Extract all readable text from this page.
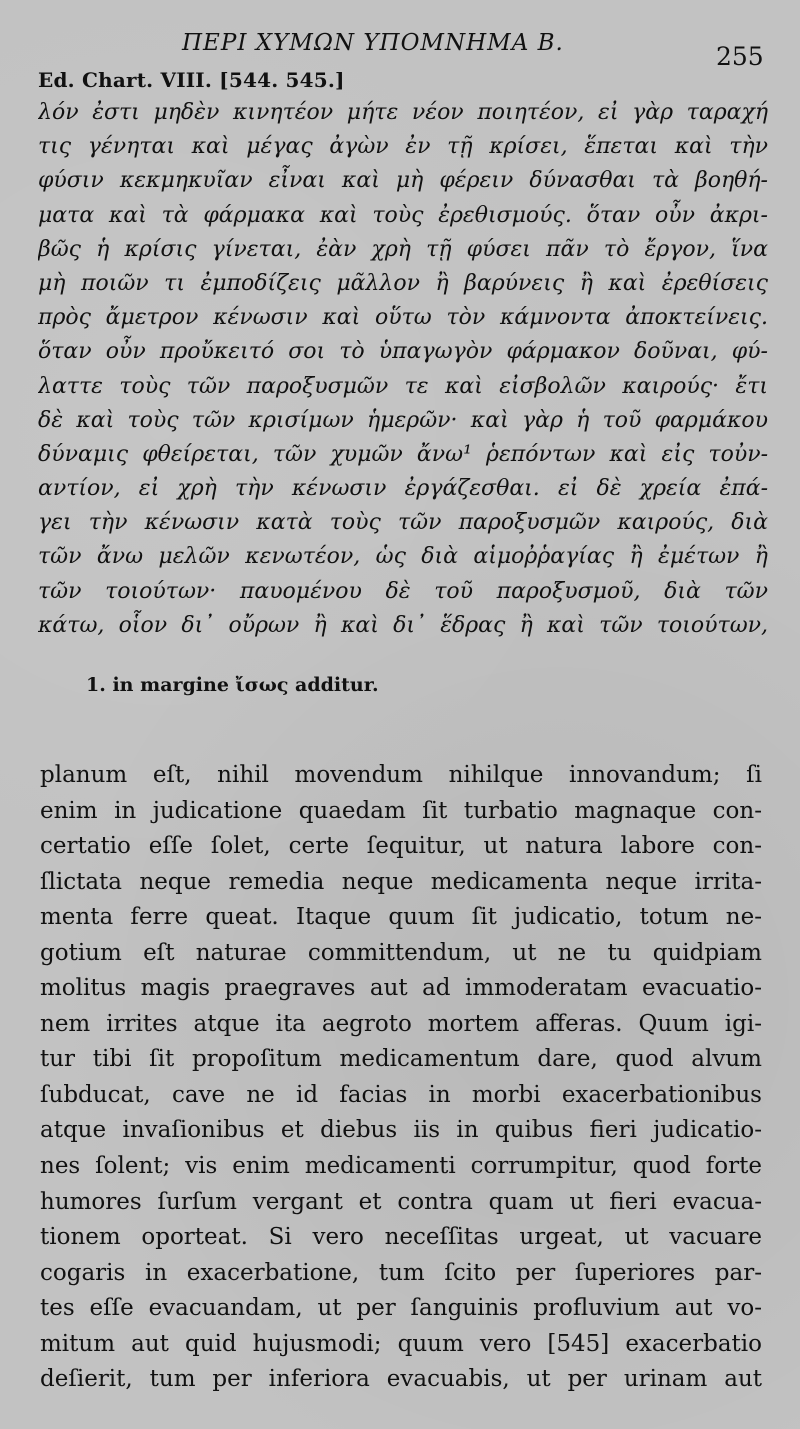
ΠΕΡΙ ΧΥΜΩΝ ΥΠΟΜΝΗΜΑ Β.	255
Ed. Chart. VIII. [544. 545.]
λόν ἐστι μηδὲν κινητέον μήτε νέον ποιητέον, εἰ γὰρ ταραχή
τις γένηται καὶ μέγας ἀγὼν ἐν τῇ κρίσει, ἕπεται καὶ τὴν
φύσιν κεκμηκυῖαν εἶναι καὶ μὴ φέρειν δύνασθαι τὰ βοηθή-
ματα καὶ τὰ φάρμακα καὶ τοὺς ἐρεθισμούς. ὅταν οὖν ἀκρι-
βῶς ἡ κρίσις γίνεται, ἐὰν χρὴ τῇ φύσει πᾶν τὸ ἔργον, ἵνα
μὴ ποιῶν τι ἐμποδίζεις μᾶλλον ἢ βαρύνεις ἢ καὶ ἐρεθίσεις
πρὸς ἄμετρον κένωσιν καὶ οὕτω τὸν κάμνοντα ἀποκτείνεις.
ὅταν οὖν προὔκειτό σοι τὸ ὑπαγωγὸν φάρμακον δοῦναι, φύ-
λαττε τοὺς τῶν παροξυσμῶν τε καὶ εἰσβολῶν καιρούς· ἔτι
δὲ καὶ τοὺς τῶν κρισίμων ἡμερῶν· καὶ γὰρ ἡ τοῦ φαρμάκου
δύναμις φθείρεται, τῶν χυμῶν ἄνω¹ ῥεπόντων καὶ εἰς τοὐν-
αντίον, εἰ χρὴ τὴν κένωσιν ἐργάζεσθαι. εἰ δὲ χρεία ἐπά-
γει τὴν κένωσιν κατὰ τοὺς τῶν παροξυσμῶν καιρούς, διὰ
τῶν ἄνω μελῶν κενωτέον, ὡς διὰ αἱμοῤῥαγίας ἢ ἐμέτων ἢ
τῶν τοιούτων· παυομένου δὲ τοῦ παροξυσμοῦ, διὰ τῶν
κάτω, οἷον δι᾽ οὔρων ἢ καὶ δι᾽ ἕδρας ἢ καὶ τῶν τοιούτων,
1. in margine ἴσως additur.
planum eſt, nihil movendum nihilque innovandum; ſi
enim in judicatione quaedam ſit turbatio magnaque con-
certatio eſſe ſolet, certe ſequitur, ut natura labore con-
ſlictata neque remedia neque medicamenta neque irrita-
menta ferre queat. Itaque quum ſit judicatio, totum ne-
gotium eſt naturae committendum, ut ne tu quidpiam
molitus magis praegraves aut ad immoderatam evacuatio-
nem irrites atque ita aegroto mortem afferas. Quum igi-
tur tibi ſit propoſitum medicamentum dare, quod alvum
ſubducat, cave ne id facias in morbi exacerbationibus
atque invaſionibus et diebus iis in quibus fieri judicatio-
nes ſolent; vis enim medicamenti corrumpitur, quod forte
humores ſurſum vergant et contra quam ut fieri evacua-
tionem oporteat. Si vero neceſſitas urgeat, ut vacuare
cogaris in exacerbatione, tum ſcito per ſuperiores par-
tes eſſe evacuandam, ut per ſanguinis profluvium aut vo-
mitum aut quid hujusmodi; quum vero [545] exacerbatio
deſierit, tum per inferiora evacuabis, ut per urinam aut
